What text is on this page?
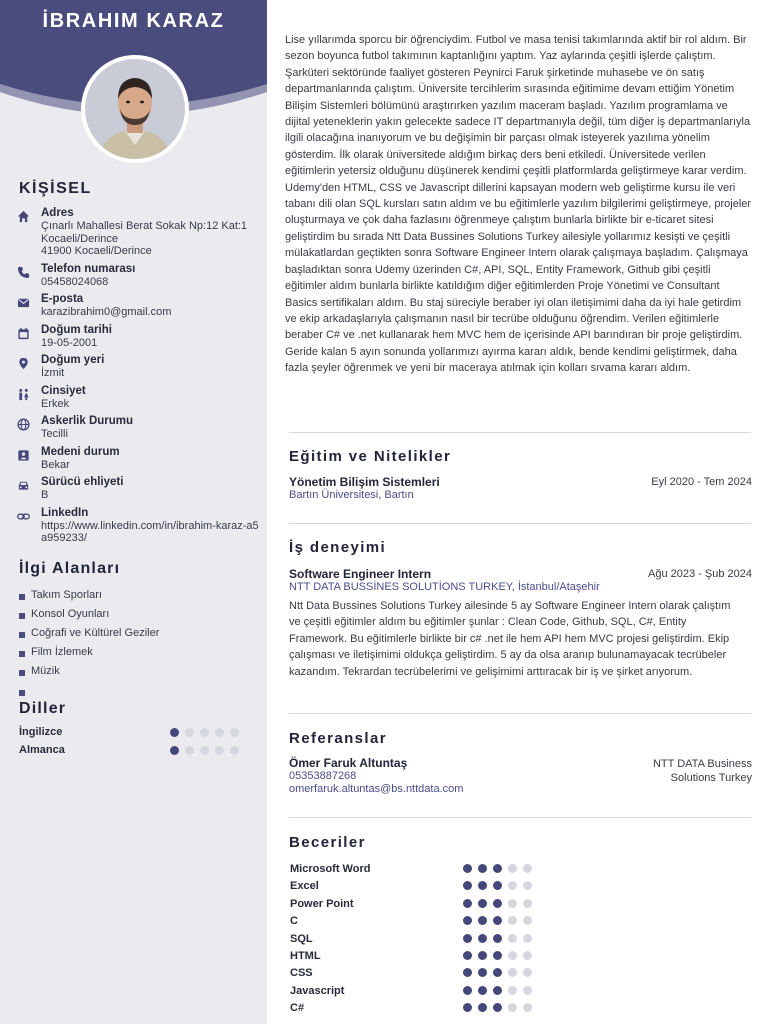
İBRAHIM KARAZ
KİŞİSEL
Adres
Çınarlı Mahallesi Berat Sokak Np:12 Kat:1
Kocaeli/Derince
41900 Kocaeli/Derince
Telefon numarası
05458024068
E-posta
karazibrahim0@gmail.com
Doğum tarihi
19-05-2001
Doğum yeri
İzmit
Cinsiyet
Erkek
Askerlik Durumu
Tecilli
Medeni durum
Bekar
Sürücü ehliyeti
B
LinkedIn
https://www.linkedin.com/in/ibrahim-karaz-a5a959233/
İlgi Alanları
Takım Sporları
Konsol Oyunları
Coğrafi ve Kültürel Geziler
Film İzlemek
Müzik
Diller
İngilizce
Almanca
Lise yıllarımda sporcu bir öğrenciydim. Futbol ve masa tenisi takımlarında aktif bir rol aldım. Bir sezon boyunca futbol takımının kaptanlığını yaptım. Yaz aylarında çeşitli işlerde çalıştım. Şarküteri sektöründe faaliyet gösteren Peynirci Faruk şirketinde muhasebe ve ön satış departmanlarında çalıştım. Üniversite tercihlerim sırasında eğitimime devam ettiğim Yönetim Bilişim Sistemleri bölümünü araştırırken yazılım maceram başladı. Yazılım programlama ve dijital yeteneklerin yakın gelecekte sadece IT departmanıyla değil, tüm diğer iş departmanlarıyla ilgili olacağına inanıyorum ve bu değişimin bir parçası olmak isteyerek yazılıma yönelim gösterdim. İlk olarak üniversitede aldığım birkaç ders beni etkiledi. Üniversitede verilen eğitimlerin yetersiz olduğunu düşünerek kendimi çeşitli platformlarda geliştirmeye karar verdim. Udemy'den HTML, CSS ve Javascript dillerini kapsayan modern web geliştirme kursu ile veri tabanı dili olan SQL kursları satın aldım ve bu eğitimlerle yazılım bilgilerimi geliştirmeye, projeler oluşturmaya ve çok daha fazlasını öğrenmeye çalıştım bunlarla birlikte bir e-ticaret sitesi geliştirdim bu sırada Ntt Data Bussines Solutions Turkey ailesiyle yollarımız kesişti ve çeşitli mülakatlardan geçtikten sonra Software Engineer Intern olarak çalışmaya başladım. Çalışmaya başladıktan sonra Udemy üzerinden C#, API, SQL, Entity Framework, Github gibi çeşitli eğitimler aldım bunlarla birlikte katıldığım diğer eğitimlerden Proje Yönetimi ve Consultant Basics sertifikaları aldım. Bu staj süreciyle beraber iyi olan iletişimimi daha da iyi hale getirdim ve ekip arkadaşlarıyla çalışmanın nasıl bir tecrübe olduğunu öğrendim. Verilen eğitimlerle beraber C# ve .net kullanarak hem MVC hem de içerisinde API barındıran bir proje geliştirdim. Geride kalan 5 ayın sonunda yollarımızı ayırma kararı aldık, bende kendimi geliştirmek, daha fazla şeyler öğrenmek ve yeni bir maceraya atılmak için kolları sıvama kararı aldım.
Eğitim ve Nitelikler
Yönetim Bilişim Sistemleri	Eyl 2020 - Tem 2024
Bartın Üniversitesi, Bartın
İş deneyimi
Software Engineer Intern	Ağu 2023 - Şub 2024
NTT DATA BUSSİNES SOLUTİONS TURKEY, İstanbul/Ataşehir
Ntt Data Bussines Solutions Turkey ailesinde 5 ay Software Engineer Intern olarak çalıştım ve çeşitli eğitimler aldım bu eğitimler şunlar : Clean Code, Github, SQL, C#, Entity Framework. Bu eğitimlerle birlikte bir c# .net ile hem API hem MVC projesi geliştirdim. Ekip çalışması ve iletişimimi oldukça geliştirdim. 5 ay da olsa aranıp bulunamayacak tecrübeler kazandım. Tekrardan tecrübelerimi ve gelişimimi arttıracak bir iş ve şirket arıyorum.
Referanslar
Ömer Faruk Altuntaş
05353887268
omerfaruk.altuntas@bs.nttdata.com
NTT DATA Business Solutions Turkey
Beceriler
Microsoft Word
Excel
Power Point
C
SQL
HTML
CSS
Javascript
C#
